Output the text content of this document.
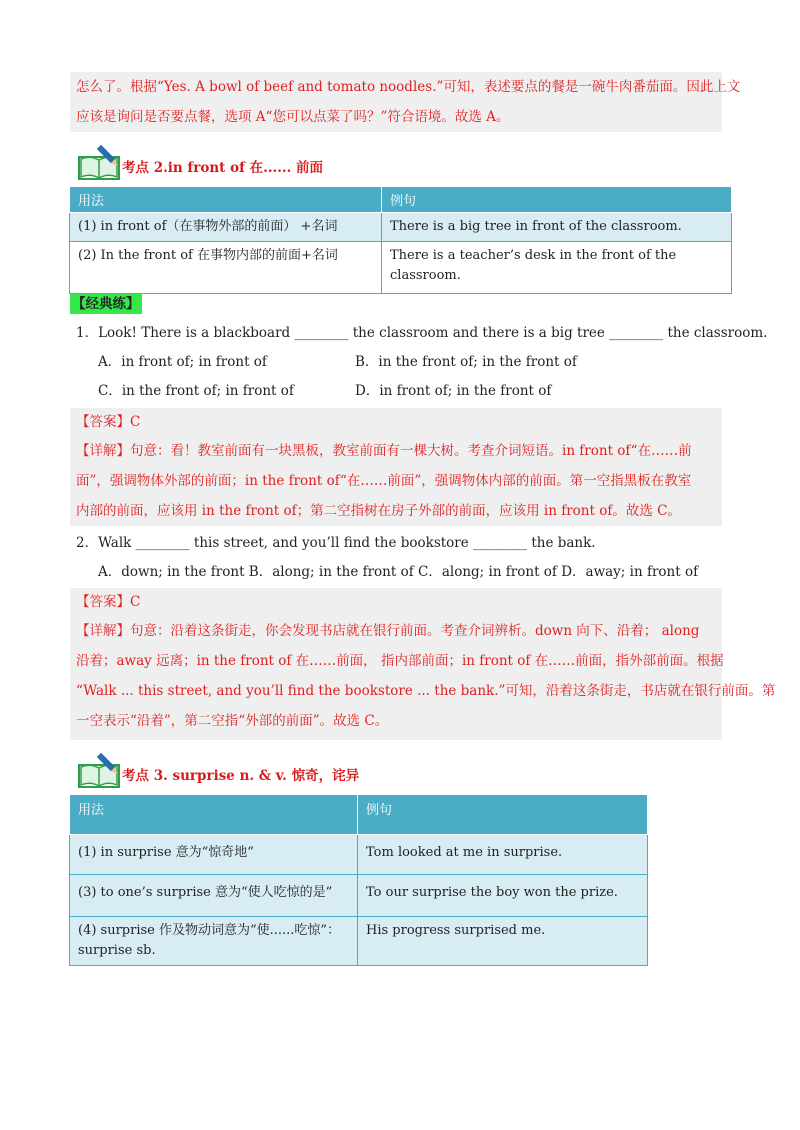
怎么了。根据“Yes. A bowl of beef and tomato noodles.”可知，表述要点的餐是一碗牛肉番茄面。因此上文
应该是询问是否要点餐，选项 A“您可以点菜了吗？”符合语境。故选 A。
考点 2.in front of 在...... 前面
用法	例句
(1) in front of（在事物外部的前面） +名词	There is a big tree in front of the classroom.
(2) In the front of 在事物内部的前面+名词	There is a teacher’s desk in the front of the classroom.
【经典练】
1．Look! There is a blackboard ________ the classroom and there is a big tree ________ the classroom.
A．in front of; in front of	B．in the front of; in the front of
C．in the front of; in front of	D．in front of; in the front of
【答案】C
【详解】句意：看！教室前面有一块黑板，教室前面有一棵大树。考查介词短语。in front of“在……前
面”，强调物体外部的前面；in the front of“在……前面”，强调物体内部的前面。第一空指黑板在教室
内部的前面，应该用 in the front of；第二空指树在房子外部的前面，应该用 in front of。故选 C。
2．Walk ________ this street, and you’ll find the bookstore ________ the bank.
A．down; in the front B．along; in the front of C．along; in front of D．away; in front of
【答案】C
【详解】句意：沿着这条街走，你会发现书店就在银行前面。考查介词辨析。down 向下、沿着； along
沿着；away 远离；in the front of 在……前面， 指内部前面；in front of 在……前面，指外部前面。根据
“Walk ... this street, and you’ll find the bookstore ... the bank.”可知，沿着这条街走，书店就在银行前面。第
一空表示“沿着”，第二空指“外部的前面”。故选 C。
考点 3. surprise n. & v. 惊奇，诧异
用法	例句
(1) in surprise 意为“惊奇地”	Tom looked at me in surprise.
(3) to one’s surprise 意为“使人吃惊的是”	To our surprise the boy won the prize.
(4) surprise 作及物动词意为“使......吃惊”：surprise sb.	His progress surprised me.
